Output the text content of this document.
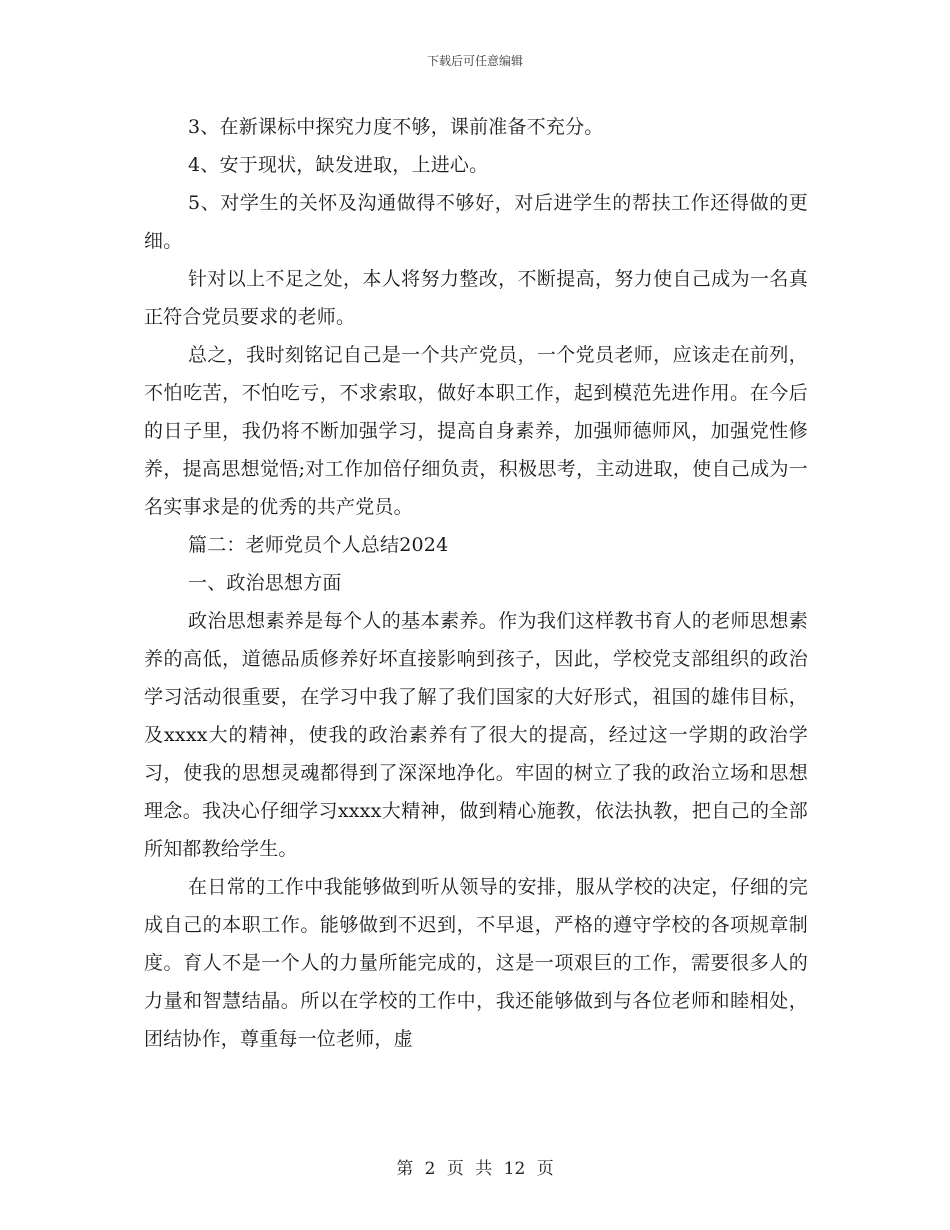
下载后可任意编辑

3、在新课标中探究力度不够，课前准备不充分。

4、安于现状，缺发进取，上进心。

5、对学生的关怀及沟通做得不够好，对后进学生的帮扶工作还得做的更细。

针对以上不足之处，本人将努力整改，不断提高，努力使自己成为一名真正符合党员要求的老师。

总之，我时刻铭记自己是一个共产党员，一个党员老师，应该走在前列，不怕吃苦，不怕吃亏，不求索取，做好本职工作，起到模范先进作用。在今后的日子里，我仍将不断加强学习，提高自身素养，加强师德师风，加强党性修养，提高思想觉悟;对工作加倍仔细负责，积极思考，主动进取，使自己成为一名实事求是的优秀的共产党员。

篇二：老师党员个人总结2024

一、政治思想方面

政治思想素养是每个人的基本素养。作为我们这样教书育人的老师思想素养的高低，道德品质修养好坏直接影响到孩子，因此，学校党支部组织的政治学习活动很重要，在学习中我了解了我们国家的大好形式，祖国的雄伟目标，及xxxx大的精神，使我的政治素养有了很大的提高，经过这一学期的政治学习，使我的思想灵魂都得到了深深地净化。牢固的树立了我的政治立场和思想理念。我决心仔细学习xxxx大精神，做到精心施教，依法执教，把自己的全部所知都教给学生。

在日常的工作中我能够做到听从领导的安排，服从学校的决定，仔细的完成自己的本职工作。能够做到不迟到，不早退，严格的遵守学校的各项规章制度。育人不是一个人的力量所能完成的，这是一项艰巨的工作，需要很多人的力量和智慧结晶。所以在学校的工作中，我还能够做到与各位老师和睦相处，团结协作，尊重每一位老师，虚

第 2 页 共 12 页
